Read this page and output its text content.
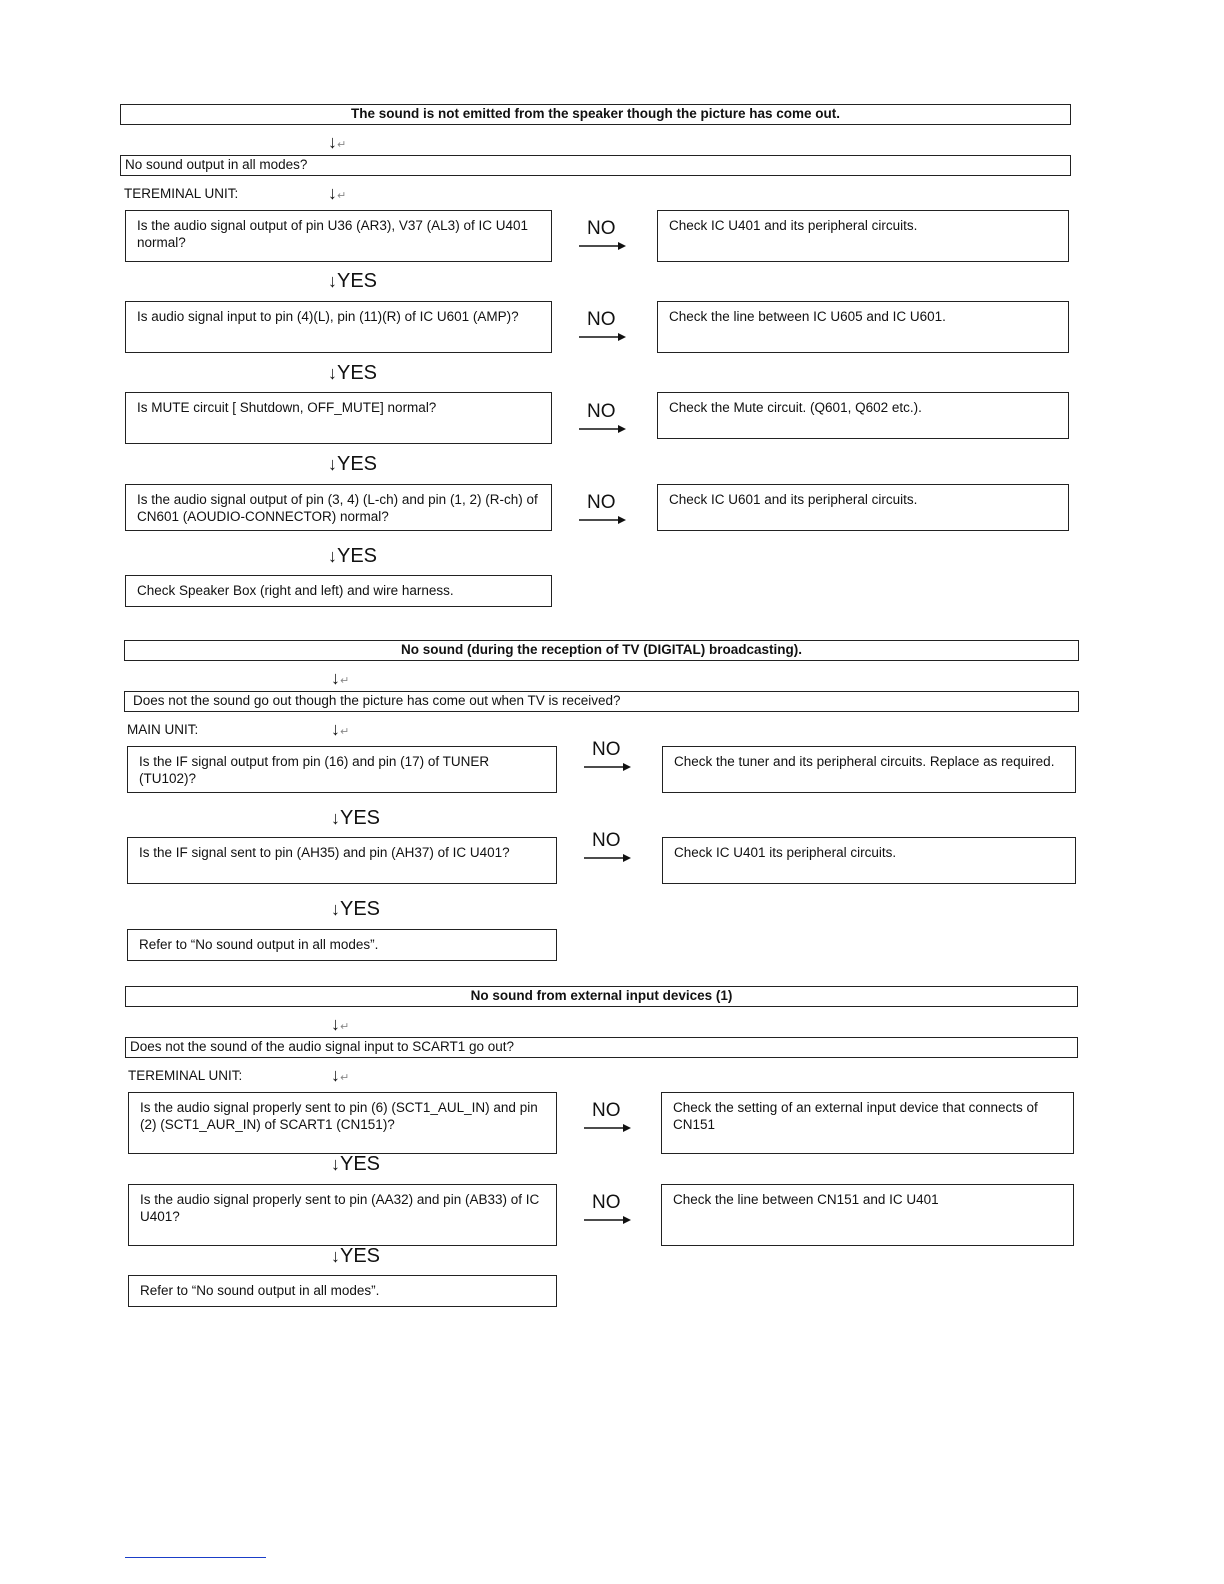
The sound is not emitted from the speaker though the picture has come out.
↓↵
No sound output in all modes?
TEREMINAL UNIT:	↓↵
Is the audio signal output of pin U36 (AR3), V37 (AL3) of IC U401 normal?
NO	Check IC U401 and its peripheral circuits.
↓YES
Is audio signal input to pin (4)(L), pin (11)(R) of IC U601 (AMP)?	NO	Check the line between IC U605 and IC U601.
↓YES
Is MUTE circuit [ Shutdown, OFF_MUTE] normal?	NO	Check the Mute circuit. (Q601, Q602 etc.).
↓YES
Is the audio signal output of pin (3, 4) (L-ch) and pin (1, 2) (R-ch) of CN601 (AOUDIO-CONNECTOR) normal?
NO	Check IC U601 and its peripheral circuits.
↓YES
Check Speaker Box (right and left) and wire harness.
No sound (during the reception of TV (DIGITAL) broadcasting).
↓↵
Does not the sound go out though the picture has come out when TV is received?
MAIN UNIT:	↓↵
Is the IF signal output from pin (16) and pin (17) of TUNER (TU102)?
NO
Check the tuner and its peripheral circuits. Replace as required.
↓YES
Is the IF signal sent to pin (AH35) and pin (AH37) of IC U401?
NO
Check IC U401 its peripheral circuits.
↓YES
Refer to “No sound output in all modes”.
No sound from external input devices (1)
↓↵
Does not the sound of the audio signal input to SCART1 go out?
TEREMINAL UNIT:	↓↵
Is the audio signal properly sent to pin (6) (SCT1_AUL_IN) and pin (2) (SCT1_AUR_IN) of SCART1 (CN151)?
NO	Check the setting of an external input device that connects of CN151
↓YES
Is the audio signal properly sent to pin (AA32) and pin (AB33) of IC U401?
NO	Check the line between CN151 and IC U401
↓YES
Refer to “No sound output in all modes”.
